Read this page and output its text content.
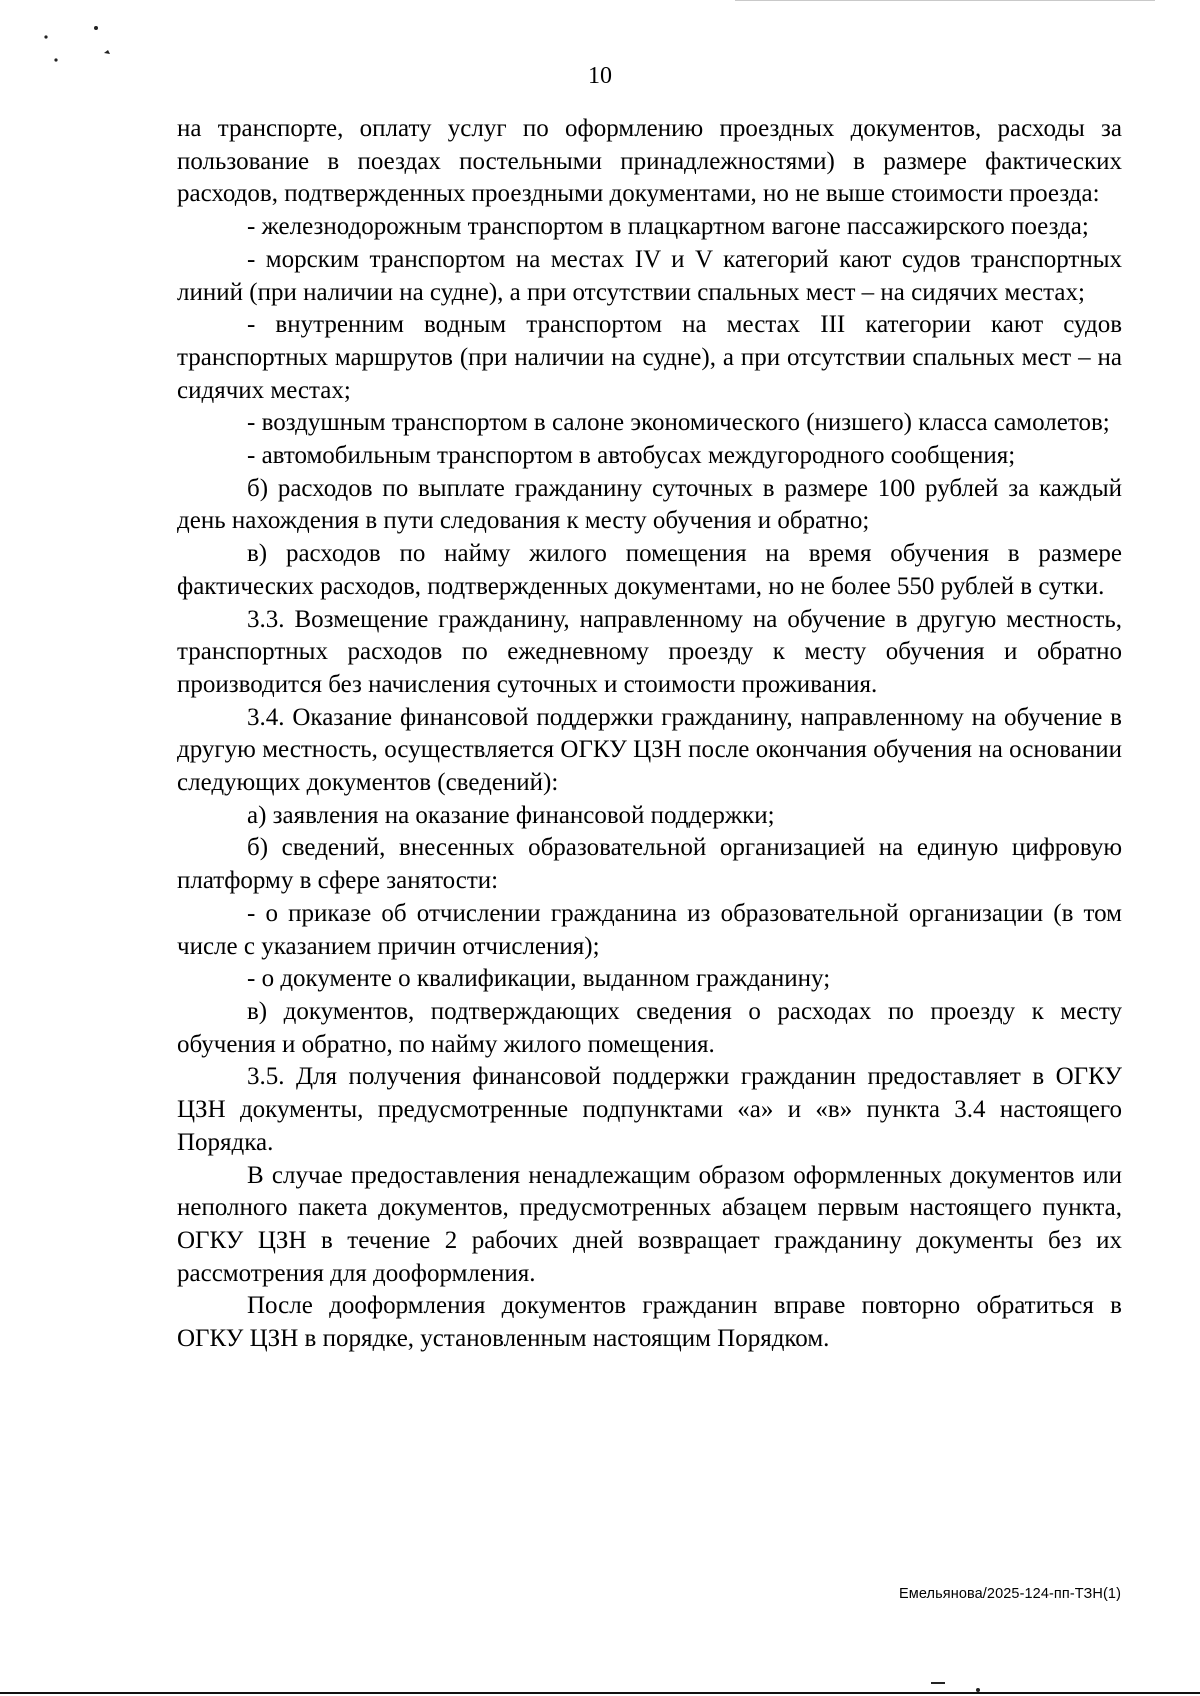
10

на транспорте, оплату услуг по оформлению проездных документов, расходы за пользование в поездах постельными принадлежностями) в размере фактических расходов, подтвержденных проездными документами, но не выше стоимости проезда:

- железнодорожным транспортом в плацкартном вагоне пассажирского поезда;

- морским транспортом на местах IV и V категорий кают судов транспортных линий (при наличии на судне), а при отсутствии спальных мест – на сидячих местах;

- внутренним водным транспортом на местах III категории кают судов транспортных маршрутов (при наличии на судне), а при отсутствии спальных мест – на сидячих местах;

- воздушным транспортом в салоне экономического (низшего) класса самолетов;

- автомобильным транспортом в автобусах междугородного сообщения;

б) расходов по выплате гражданину суточных в размере 100 рублей за каждый день нахождения в пути следования к месту обучения и обратно;

в) расходов по найму жилого помещения на время обучения в размере фактических расходов, подтвержденных документами, но не более 550 рублей в сутки.

3.3. Возмещение гражданину, направленному на обучение в другую местность, транспортных расходов по ежедневному проезду к месту обучения и обратно производится без начисления суточных и стоимости проживания.

3.4. Оказание финансовой поддержки гражданину, направленному на обучение в другую местность, осуществляется ОГКУ ЦЗН после окончания обучения на основании следующих документов (сведений):

а) заявления на оказание финансовой поддержки;

б) сведений, внесенных образовательной организацией на единую цифровую платформу в сфере занятости:

- о приказе об отчислении гражданина из образовательной организации (в том числе с указанием причин отчисления);

- о документе о квалификации, выданном гражданину;

в) документов, подтверждающих сведения о расходах по проезду к месту обучения и обратно, по найму жилого помещения.

3.5. Для получения финансовой поддержки гражданин предоставляет в ОГКУ ЦЗН документы, предусмотренные подпунктами «а» и «в» пункта 3.4 настоящего Порядка.

В случае предоставления ненадлежащим образом оформленных документов или неполного пакета документов, предусмотренных абзацем первым настоящего пункта, ОГКУ ЦЗН в течение 2 рабочих дней возвращает гражданину документы без их рассмотрения для дооформления.

После дооформления документов гражданин вправе повторно обратиться в ОГКУ ЦЗН в порядке, установленным настоящим Порядком.

Емельянова/2025-124-пп-ТЗН(1)
